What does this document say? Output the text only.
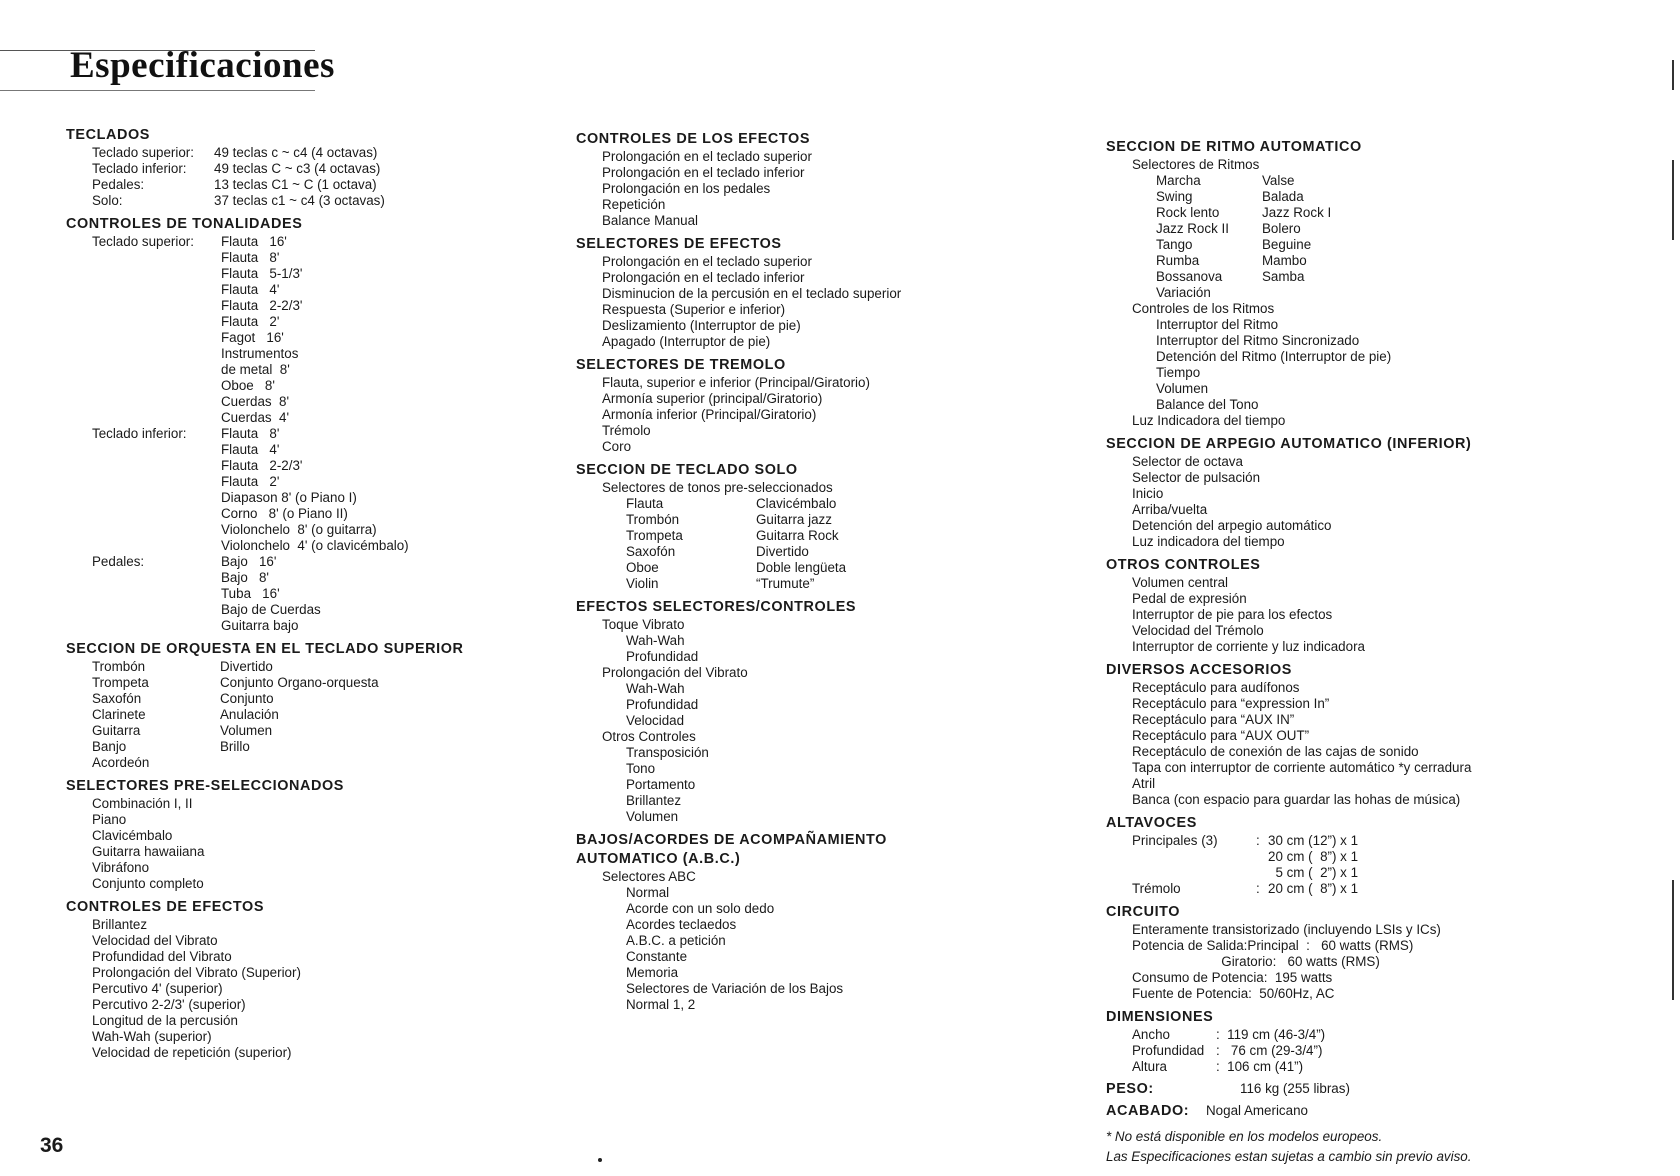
Especificaciones
TECLADOS
Teclado superior:	49 teclas c ~ c4 (4 octavas)
Teclado inferior:	49 teclas C ~ c3 (4 octavas)
Pedales:	13 teclas C1 ~ C (1 octava)
Solo:	37 teclas c1 ~ c4 (3 octavas)
CONTROLES DE TONALIDADES
Teclado superior:	Flauta   16'
Flauta   8'
Flauta   5-1/3'
Flauta   4'
Flauta   2-2/3'
Flauta   2'
Fagot   16'
Instrumentos
de metal  8'
Oboe   8'
Cuerdas  8'
Cuerdas  4'
Teclado inferior:	Flauta   8'
Flauta   4'
Flauta   2-2/3'
Flauta   2'
Diapason 8' (o Piano I)
Corno   8' (o Piano II)
Violonchelo  8' (o guitarra)
Violonchelo  4' (o clavicémbalo)
Pedales:	Bajo   16'
Bajo   8'
Tuba   16'
Bajo de Cuerdas
Guitarra bajo
SECCION DE ORQUESTA EN EL TECLADO SUPERIOR
Trombón	Divertido
Trompeta	Conjunto Organo-orquesta
Saxofón	Conjunto
Clarinete	Anulación
Guitarra	Volumen
Banjo	Brillo
Acordeón
SELECTORES PRE-SELECCIONADOS
Combinación I, II
Piano
Clavicémbalo
Guitarra hawaiiana
Vibráfono
Conjunto completo
CONTROLES DE EFECTOS
Brillantez
Velocidad del Vibrato
Profundidad del Vibrato
Prolongación del Vibrato (Superior)
Percutivo 4' (superior)
Percutivo 2-2/3' (superior)
Longitud de la percusión
Wah-Wah (superior)
Velocidad de repetición (superior)
CONTROLES DE LOS EFECTOS
Prolongación en el teclado superior
Prolongación en el teclado inferior
Prolongación en los pedales
Repetición
Balance Manual
SELECTORES DE EFECTOS
Prolongación en el teclado superior
Prolongación en el teclado inferior
Disminucion de la percusión en el teclado superior
Respuesta (Superior e inferior)
Deslizamiento (Interruptor de pie)
Apagado (Interruptor de pie)
SELECTORES DE TREMOLO
Flauta, superior e inferior (Principal/Giratorio)
Armonía superior (principal/Giratorio)
Armonía inferior (Principal/Giratorio)
Trémolo
Coro
SECCION DE TECLADO SOLO
Selectores de tonos pre-seleccionados
Flauta	Clavicémbalo
Trombón	Guitarra jazz
Trompeta	Guitarra Rock
Saxofón	Divertido
Oboe	Doble lengüeta
Violin	“Trumute”
EFECTOS SELECTORES/CONTROLES
Toque Vibrato
Wah-Wah
Profundidad
Prolongación del Vibrato
Wah-Wah
Profundidad
Velocidad
Otros Controles
Transposición
Tono
Portamento
Brillantez
Volumen
BAJOS/ACORDES DE ACOMPAÑAMIENTO
AUTOMATICO (A.B.C.)
Selectores ABC
Normal
Acorde con un solo dedo
Acordes teclaedos
A.B.C. a petición
Constante
Memoria
Selectores de Variación de los Bajos
Normal 1, 2
SECCION DE RITMO AUTOMATICO
Selectores de Ritmos
Marcha	Valse
Swing	Balada
Rock lento	Jazz Rock I
Jazz Rock II	Bolero
Tango	Beguine
Rumba	Mambo
Bossanova	Samba
Variación
Controles de los Ritmos
Interruptor del Ritmo
Interruptor del Ritmo Sincronizado
Detención del Ritmo (Interruptor de pie)
Tiempo
Volumen
Balance del Tono
Luz Indicadora del tiempo
SECCION DE ARPEGIO AUTOMATICO (INFERIOR)
Selector de octava
Selector de pulsación
Inicio
Arriba/vuelta
Detención del arpegio automático
Luz indicadora del tiempo
OTROS CONTROLES
Volumen central
Pedal de expresión
Interruptor de pie para los efectos
Velocidad del Trémolo
Interruptor de corriente y luz indicadora
DIVERSOS ACCESORIOS
Receptáculo para audífonos
Receptáculo para “expression In”
Receptáculo para “AUX IN”
Receptáculo para “AUX OUT”
Receptáculo de conexión de las cajas de sonido
Tapa con interruptor de corriente automático *y cerradura
Atril
Banca (con espacio para guardar las hohas de música)
ALTAVOCES
Principales (3)	: 30 cm (12”) x 1
20 cm (  8”) x 1
5 cm (  2”) x 1
Trémolo	: 20 cm (  8”) x 1
CIRCUITO
Enteramente transistorizado (incluyendo LSIs y ICs)
Potencia de Salida:Principal  :   60 watts (RMS)
Giratorio:   60 watts (RMS)
Consumo de Potencia:  195 watts
Fuente de Potencia:  50/60Hz, AC
DIMENSIONES
Ancho	:  119 cm (46-3/4”)
Profundidad :   76 cm (29-3/4”)
Altura	:  106 cm (41”)
PESO:	116 kg (255 libras)
ACABADO:	Nogal Americano
* No está disponible en los modelos europeos.
Las Especificaciones estan sujetas a cambio sin previo aviso.
36
